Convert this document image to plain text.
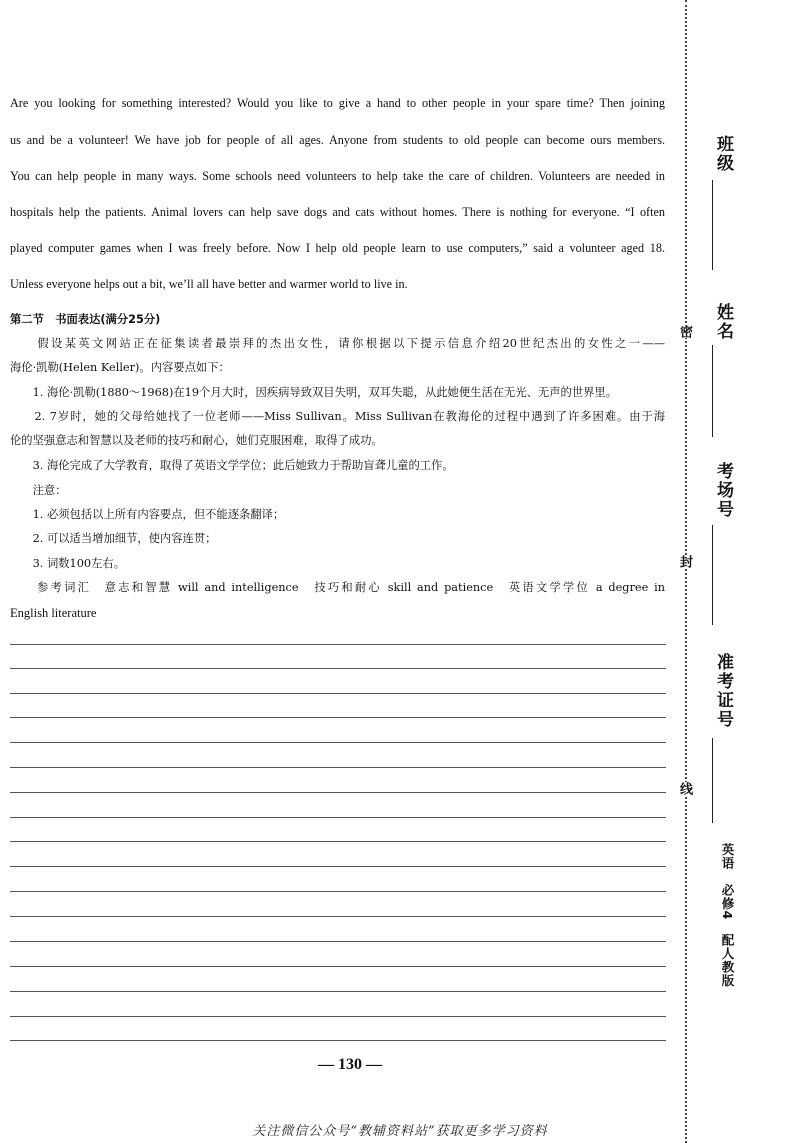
Are you looking for something interested? Would you like to give a hand to other people in your spare time? Then joining
us and be a volunteer! We have job for people of all ages. Anyone from students to old people can become ours members.
You can help people in many ways. Some schools need volunteers to help take the care of children. Volunteers are needed in
hospitals help the patients. Animal lovers can help save dogs and cats without homes. There is nothing for everyone. “I often
played computer games when I was freely before. Now I help old people learn to use computers,” said a volunteer aged 18.
Unless everyone helps out a bit, we’ll all have better and warmer world to live in.
第二节　书面表达(满分25分)
　　假设某英文网站正在征集读者最崇拜的杰出女性，请你根据以下提示信息介绍20世纪杰出的女性之一——
海伦·凯勒(Helen Keller)。内容要点如下：
　　1. 海伦·凯勒(1880～1968)在19个月大时，因疾病导致双目失明，双耳失聪，从此她便生活在无光、无声的世界里。
　　2. 7岁时，她的父母给她找了一位老师——Miss Sullivan。Miss Sullivan在教海伦的过程中遇到了许多困难。由于海
伦的坚强意志和智慧以及老师的技巧和耐心，她们克服困难，取得了成功。
　　3. 海伦完成了大学教育，取得了英语文学学位；此后她致力于帮助盲聋儿童的工作。
　　注意：
　　1. 必须包括以上所有内容要点，但不能逐条翻译；
　　2. 可以适当增加细节，使内容连贯；
　　3. 词数100左右。
　　参考词汇　意志和智慧 will and intelligence　技巧和耐心 skill and patience　英语文学学位 a degree in
English literature
— 130 —
关注微信公众号“教辅资料站”获取更多学习资料
密
封
线
班级
姓名
考场号
准考证号
英语　必修4　配人教版
